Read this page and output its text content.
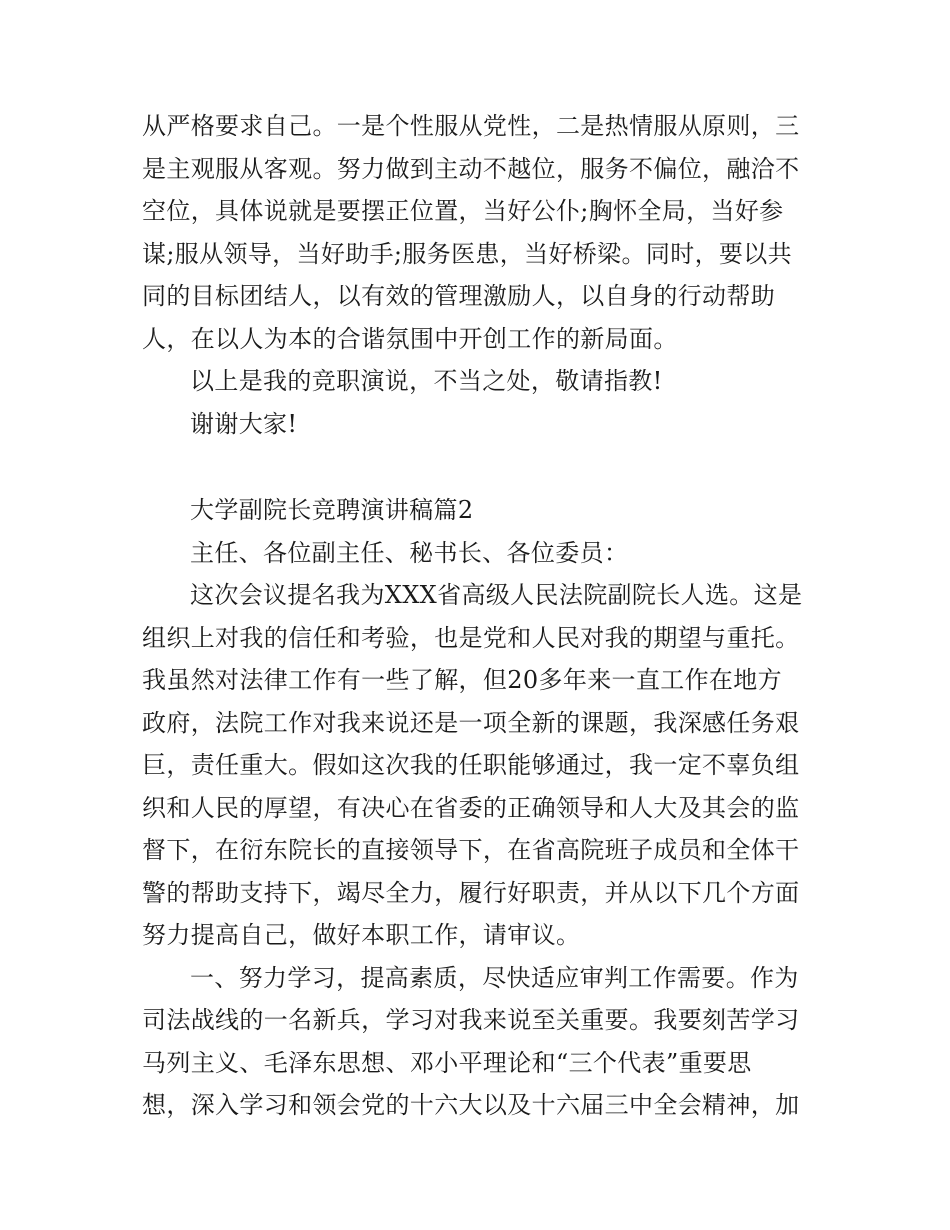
从严格要求自己。一是个性服从党性，二是热情服从原则，三
是主观服从客观。努力做到主动不越位，服务不偏位，融洽不
空位，具体说就是要摆正位置，当好公仆;胸怀全局，当好参
谋;服从领导，当好助手;服务医患，当好桥梁。同时，要以共
同的目标团结人，以有效的管理激励人，以自身的行动帮助
人，在以人为本的合谐氛围中开创工作的新局面。
以上是我的竞职演说，不当之处，敬请指教!
谢谢大家!
大学副院长竞聘演讲稿篇2
主任、各位副主任、秘书长、各位委员：
这次会议提名我为XXX省高级人民法院副院长人选。这是
组织上对我的信任和考验，也是党和人民对我的期望与重托。
我虽然对法律工作有一些了解，但20多年来一直工作在地方
政府，法院工作对我来说还是一项全新的课题，我深感任务艰
巨，责任重大。假如这次我的任职能够通过，我一定不辜负组
织和人民的厚望，有决心在省委的正确领导和人大及其会的监
督下，在衍东院长的直接领导下，在省高院班子成员和全体干
警的帮助支持下，竭尽全力，履行好职责，并从以下几个方面
努力提高自己，做好本职工作，请审议。
一、努力学习，提高素质，尽快适应审判工作需要。作为
司法战线的一名新兵，学习对我来说至关重要。我要刻苦学习
马列主义、毛泽东思想、邓小平理论和“三个代表”重要思
想，深入学习和领会党的十六大以及十六届三中全会精神，加
